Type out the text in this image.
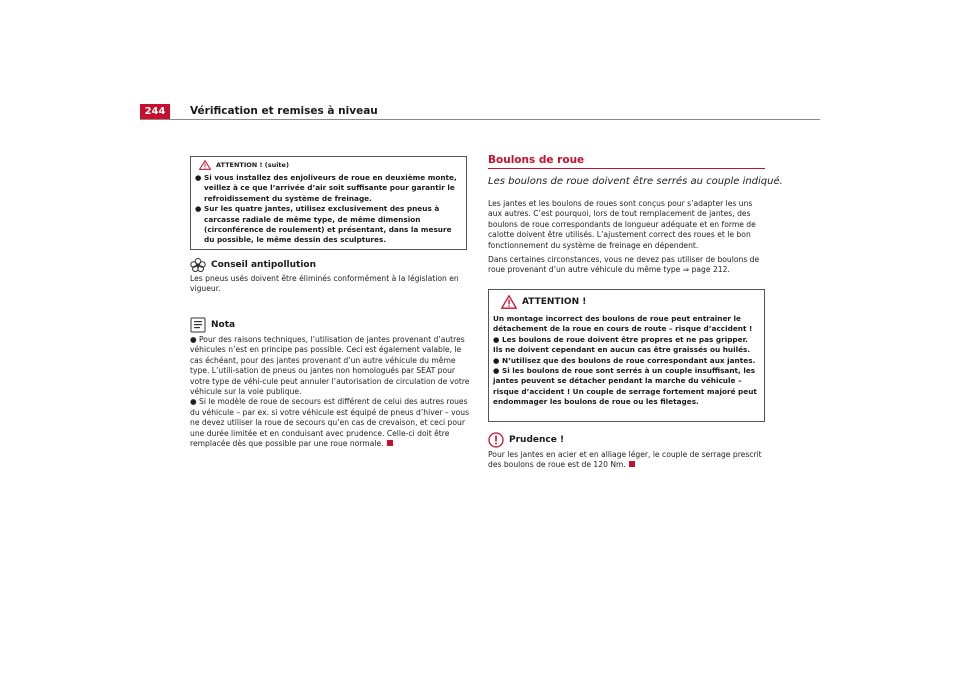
244	Vérification et remises à niveau
ATTENTION ! (suite)
● Si vous installez des enjoliveurs de roue en deuxième monte, veillez à ce que l’arrivée d’air soit suffisante pour garantir le refroidissement du système de freinage.
● Sur les quatre jantes, utilisez exclusivement des pneus à carcasse radiale de même type, de même dimension (circonférence de roulement) et présentant, dans la mesure du possible, le même dessin des sculptures.
Conseil antipollution
Les pneus usés doivent être éliminés conformément à la législation en vigueur.
Nota
● Pour des raisons techniques, l’utilisation de jantes provenant d’autres véhicules n’est en principe pas possible. Ceci est également valable, le cas échéant, pour des jantes provenant d’un autre véhicule du même type. L’utili-sation de pneus ou jantes non homologués par SEAT pour votre type de véhi-cule peut annuler l’autorisation de circulation de votre véhicule sur la voie publique.
● Si le modèle de roue de secours est différent de celui des autres roues du véhicule – par ex. si votre véhicule est équipé de pneus d’hiver – vous ne devez utiliser la roue de secours qu’en cas de crevaison, et ceci pour une durée limitée et en conduisant avec prudence. Celle-ci doit être remplacée dès que possible par une roue normale.
Boulons de roue
Les boulons de roue doivent être serrés au couple indiqué.
Les jantes et les boulons de roues sont conçus pour s’adapter les uns aux autres. C’est pourquoi, lors de tout remplacement de jantes, des boulons de roue correspondants de longueur adéquate et en forme de calotte doivent être utilisés. L’ajustement correct des roues et le bon fonctionnement du système de freinage en dépendent.
Dans certaines circonstances, vous ne devez pas utiliser de boulons de roue provenant d’un autre véhicule du même type ⇒ page 212.
ATTENTION !
Un montage incorrect des boulons de roue peut entraîner le détachement de la roue en cours de route – risque d’accident !
● Les boulons de roue doivent être propres et ne pas gripper. Ils ne doivent cependant en aucun cas être graissés ou huilés.
● N’utilisez que des boulons de roue correspondant aux jantes.
● Si les boulons de roue sont serrés à un couple insuffisant, les jantes peuvent se détacher pendant la marche du véhicule – risque d’accident ! Un couple de serrage fortement majoré peut endommager les boulons de roue ou les filetages.
Prudence !
Pour les jantes en acier et en alliage léger, le couple de serrage prescrit des boulons de roue est de 120 Nm.
